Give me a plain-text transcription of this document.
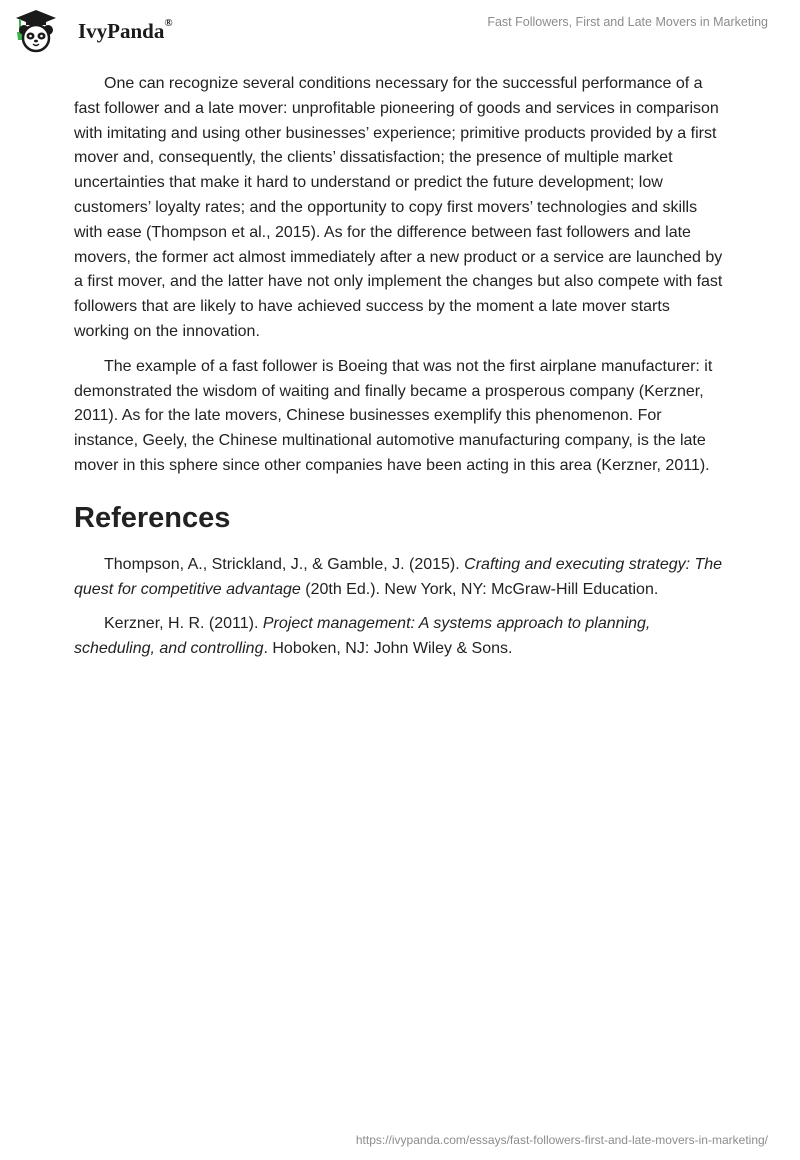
IvyPanda®	Fast Followers, First and Late Movers in Marketing

One can recognize several conditions necessary for the successful performance of a fast follower and a late mover: unprofitable pioneering of goods and services in comparison with imitating and using other businesses’ experience; primitive products provided by a first mover and, consequently, the clients’ dissatisfaction; the presence of multiple market uncertainties that make it hard to understand or predict the future development; low customers’ loyalty rates; and the opportunity to copy first movers’ technologies and skills with ease (Thompson et al., 2015). As for the difference between fast followers and late movers, the former act almost immediately after a new product or a service are launched by a first mover, and the latter have not only implement the changes but also compete with fast followers that are likely to have achieved success by the moment a late mover starts working on the innovation.

The example of a fast follower is Boeing that was not the first airplane manufacturer: it demonstrated the wisdom of waiting and finally became a prosperous company (Kerzner, 2011). As for the late movers, Chinese businesses exemplify this phenomenon. For instance, Geely, the Chinese multinational automotive manufacturing company, is the late mover in this sphere since other companies have been acting in this area (Kerzner, 2011).

References

Thompson, A., Strickland, J., & Gamble, J. (2015). Crafting and executing strategy: The quest for competitive advantage (20th Ed.). New York, NY: McGraw-Hill Education.

Kerzner, H. R. (2011). Project management: A systems approach to planning, scheduling, and controlling. Hoboken, NJ: John Wiley & Sons.

https://ivypanda.com/essays/fast-followers-first-and-late-movers-in-marketing/
